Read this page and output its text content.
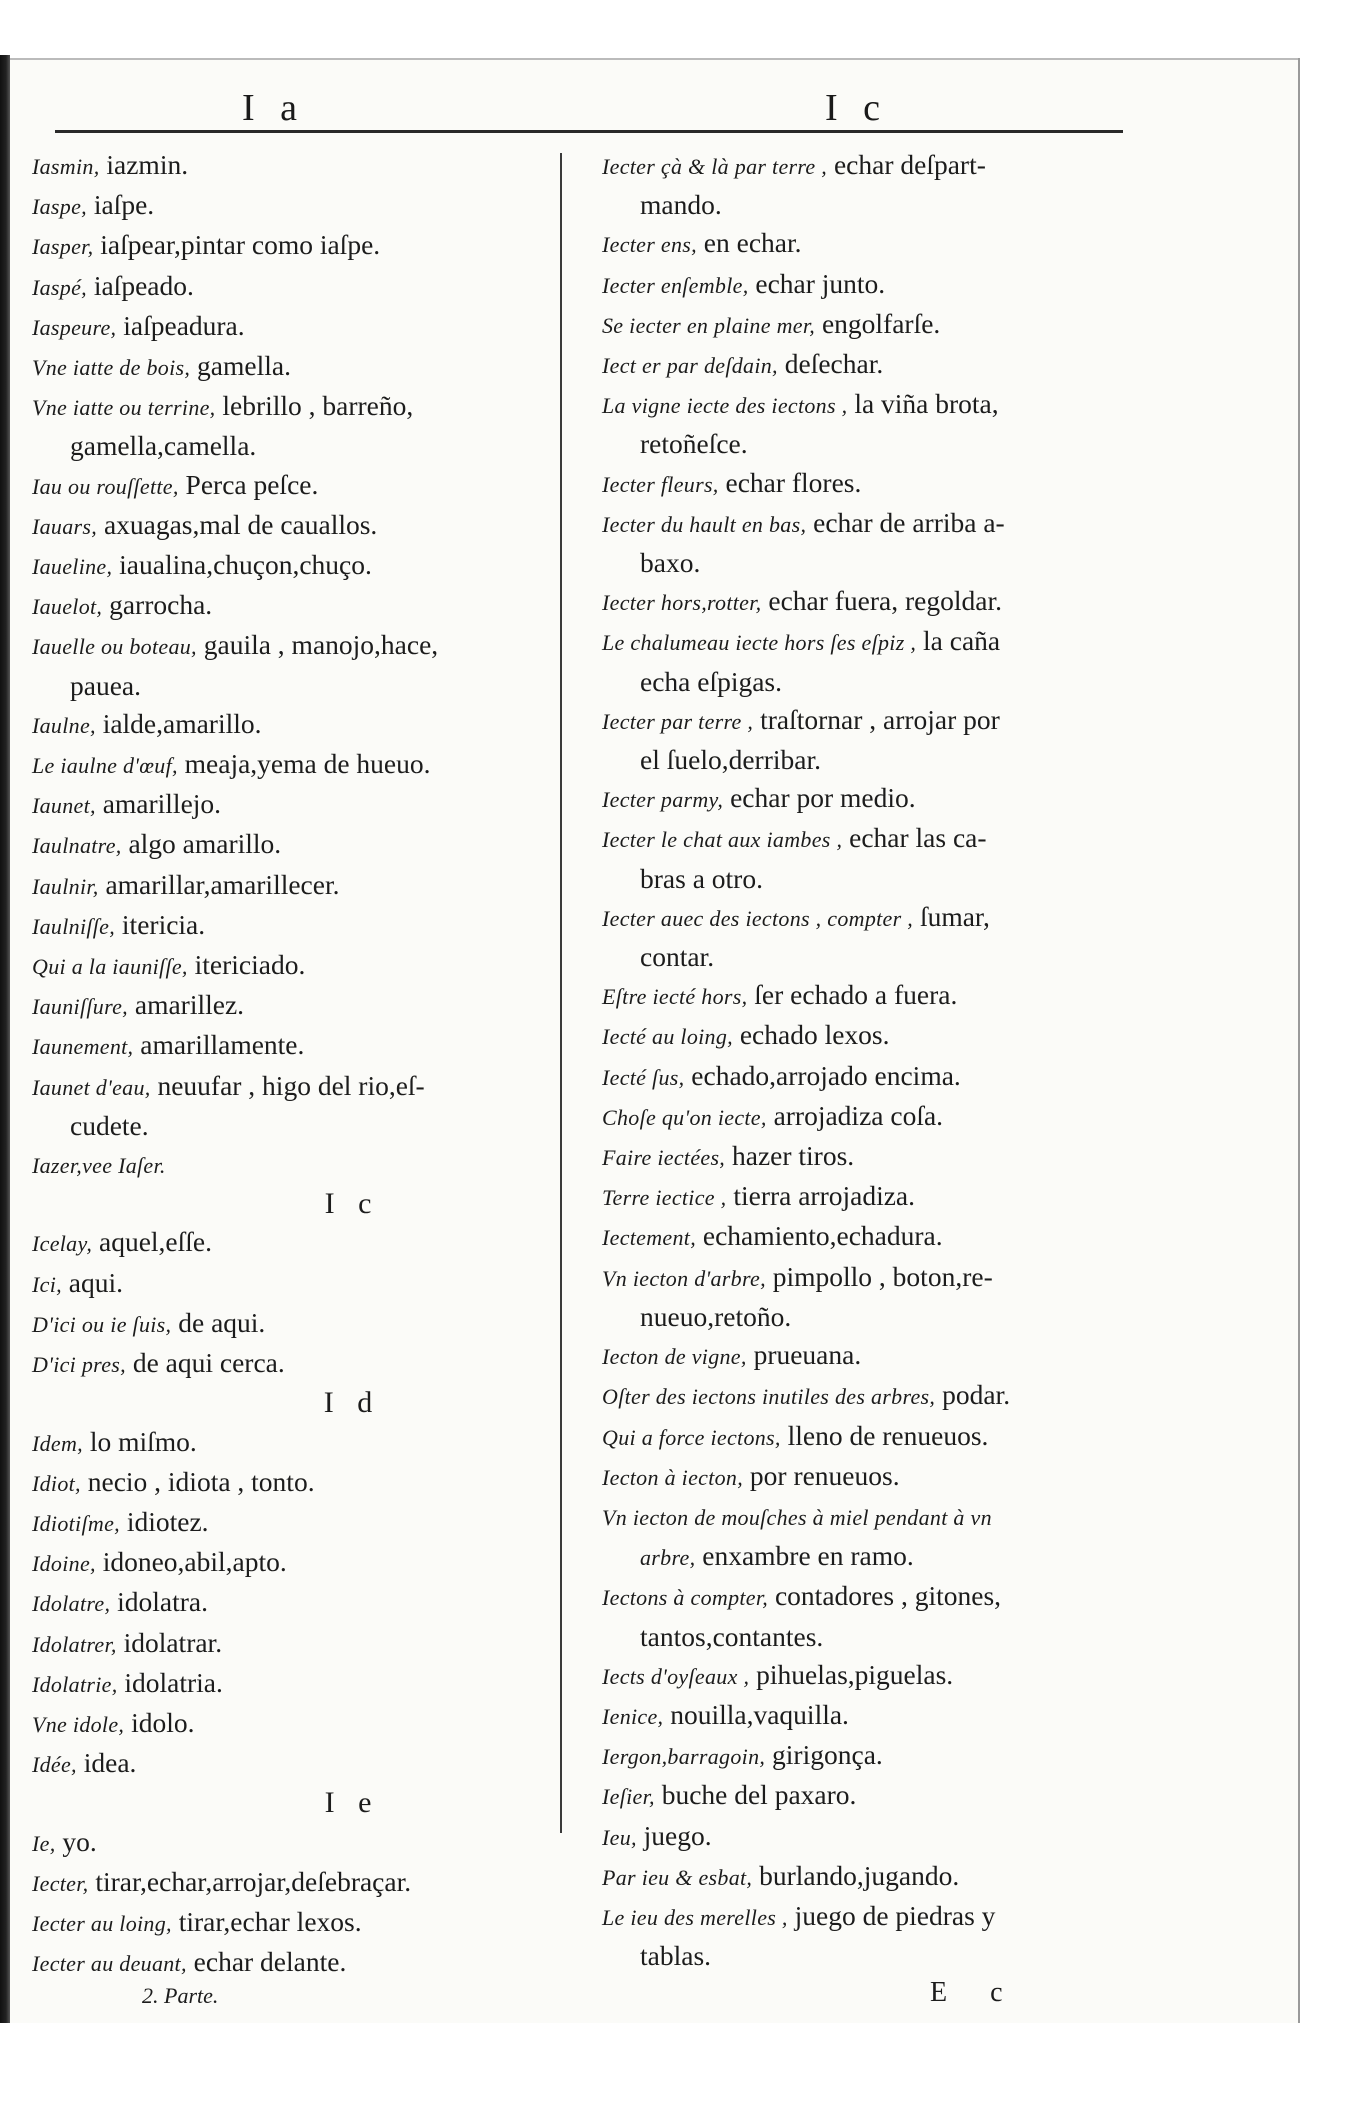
I a	I c
Iasmin, iazmin.
Iaspe, iaſpe.
Iasper, iaſpear,pintar como iaſpe.
Iaspé, iaſpeado.
Iaspeure, iaſpeadura.
Vne iatte de bois, gamella.
Vne iatte ou terrine, lebrillo , barreño,
gamella,camella.
Iau ou rouſſette, Perca peſce.
Iauars, axuagas,mal de cauallos.
Iaueline, iaualina,chuçon,chuço.
Iauelot, garrocha.
Iauelle ou boteau, gauila , manojo,hace,
pauea.
Iaulne, ialde,amarillo.
Le iaulne d'œuf, meaja,yema de hueuo.
Iaunet, amarillejo.
Iaulnatre, algo amarillo.
Iaulnir, amarillar,amarillecer.
Iaulniſſe, itericia.
Qui a la iauniſſe, itericiado.
Iauniſſure, amarillez.
Iaunement, amarillamente.
Iaunet d'eau, neuufar , higo del rio,eſ-
cudete.
Iazer,vee Iaſer.
I c
Icelay, aquel,eſſe.
Ici, aqui.
D'ici ou ie ſuis, de aqui.
D'ici pres, de aqui cerca.
I d
Idem, lo miſmo.
Idiot, necio , idiota , tonto.
Idiotiſme, idiotez.
Idoine, idoneo,abil,apto.
Idolatre, idolatra.
Idolatrer, idolatrar.
Idolatrie, idolatria.
Vne idole, idolo.
Idée, idea.
I e
Ie, yo.
Iecter, tirar,echar,arrojar,deſebraçar.
Iecter au loing, tirar,echar lexos.
Iecter au deuant, echar delante.
Iecter çà & là par terre , echar deſpart-
mando.
Iecter ens, en echar.
Iecter enſemble, echar junto.
Se iecter en plaine mer, engolfarſe.
Iect er par deſdain, deſechar.
La vigne iecte des iectons , la viña brota,
retoñeſce.
Iecter fleurs, echar flores.
Iecter du hault en bas, echar de arriba a-
baxo.
Iecter hors,rotter, echar fuera, regoldar.
Le chalumeau iecte hors ſes eſpiz , la caña
echa eſpigas.
Iecter par terre , traſtornar , arrojar por
el ſuelo,derribar.
Iecter parmy, echar por medio.
Iecter le chat aux iambes , echar las ca-
bras a otro.
Iecter auec des iectons , compter , ſumar,
contar.
Eſtre iecté hors, ſer echado a fuera.
Iecté au loing, echado lexos.
Iecté ſus, echado,arrojado encima.
Choſe qu'on iecte, arrojadiza coſa.
Faire iectées, hazer tiros.
Terre iectice , tierra arrojadiza.
Iectement, echamiento,echadura.
Vn iecton d'arbre, pimpollo , boton,re-
nueuo,retoño.
Iecton de vigne, prueuana.
Oſter des iectons inutiles des arbres, podar.
Qui a force iectons, lleno de renueuos.
Iecton à iecton, por renueuos.
Vn iecton de mouſches à miel pendant à vn
arbre, enxambre en ramo.
Iectons à compter, contadores , gitones,
tantos,contantes.
Iects d'oyſeaux , pihuelas,piguelas.
Ienice, nouilla,vaquilla.
Iergon,barragoin, girigonça.
Ieſier, buche del paxaro.
Ieu, juego.
Par ieu & esbat, burlando,jugando.
Le ieu des merelles , juego de piedras y
tablas.
2. Parte.	E c
